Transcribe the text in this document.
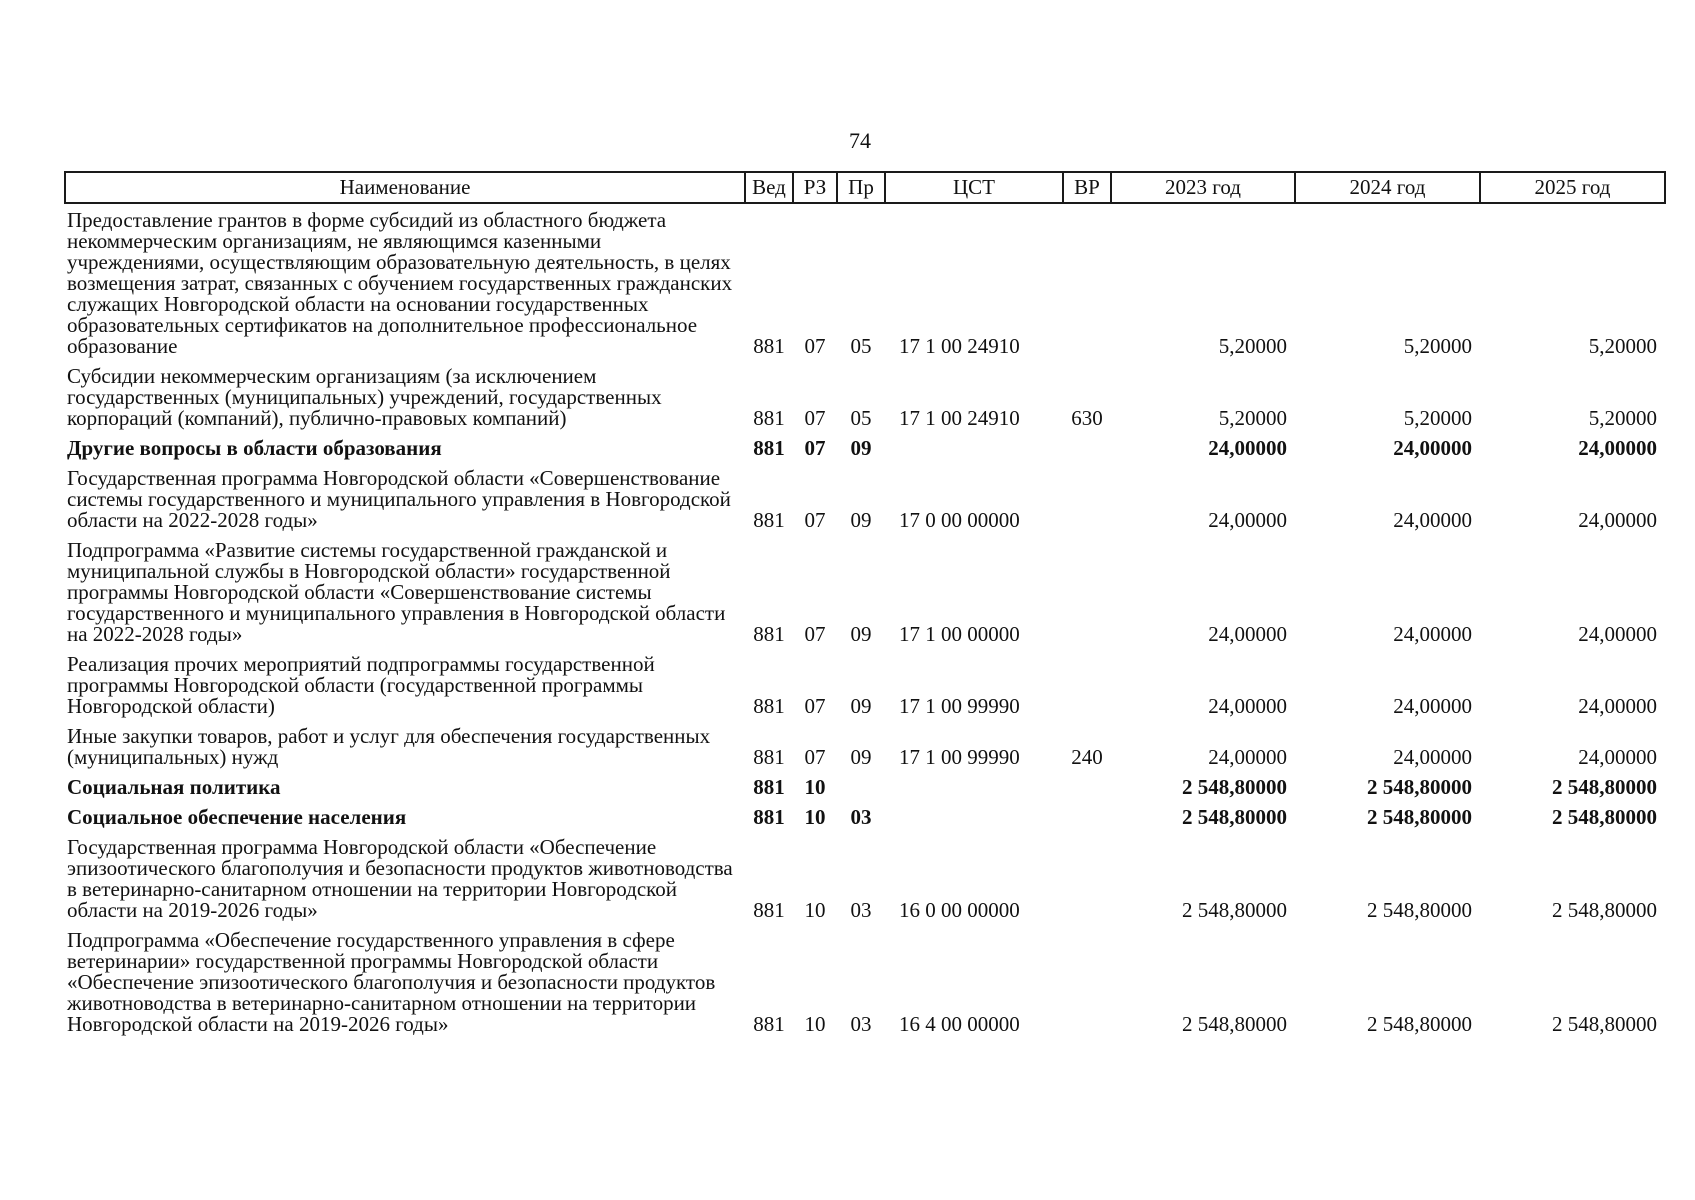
74
Наименование	Вед	РЗ	Пр	ЦСТ	ВР	2023 год	2024 год	2025 год
Предоставление грантов в форме субсидий из областного бюджета некоммерческим организациям, не являющимся казенными учреждениями, осуществляющим образовательную деятельность, в целях возмещения затрат, связанных с обучением государственных гражданских служащих Новгородской области на основании государственных образовательных сертификатов на дополнительное профессиональное образование	881	07	05	17 1 00 24910		5,20000	5,20000	5,20000
Субсидии некоммерческим организациям (за исключением государственных (муниципальных) учреждений, государственных корпораций (компаний), публично-правовых компаний)	881	07	05	17 1 00 24910	630	5,20000	5,20000	5,20000
Другие вопросы в области образования	881	07	09			24,00000	24,00000	24,00000
Государственная программа Новгородской области «Совершенствование системы государственного и муниципального управления в Новгородской области на 2022-2028 годы»	881	07	09	17 0 00 00000		24,00000	24,00000	24,00000
Подпрограмма «Развитие системы государственной гражданской и муниципальной службы в Новгородской области» государственной программы Новгородской области «Совершенствование системы государственного и муниципального управления в Новгородской области на 2022-2028 годы»	881	07	09	17 1 00 00000		24,00000	24,00000	24,00000
Реализация прочих мероприятий подпрограммы государственной программы Новгородской области (государственной программы Новгородской области)	881	07	09	17 1 00 99990		24,00000	24,00000	24,00000
Иные закупки товаров, работ и услуг для обеспечения государственных (муниципальных) нужд	881	07	09	17 1 00 99990	240	24,00000	24,00000	24,00000
Социальная политика	881	10				2 548,80000	2 548,80000	2 548,80000
Социальное обеспечение населения	881	10	03			2 548,80000	2 548,80000	2 548,80000
Государственная программа Новгородской области «Обеспечение эпизоотического благополучия и безопасности продуктов животноводства в ветеринарно-санитарном отношении на территории Новгородской области на 2019-2026 годы»	881	10	03	16 0 00 00000		2 548,80000	2 548,80000	2 548,80000
Подпрограмма «Обеспечение государственного управления в сфере ветеринарии» государственной программы Новгородской области «Обеспечение эпизоотического благополучия и безопасности продуктов животноводства в ветеринарно-санитарном отношении на территории Новгородской области на 2019-2026 годы»	881	10	03	16 4 00 00000		2 548,80000	2 548,80000	2 548,80000
